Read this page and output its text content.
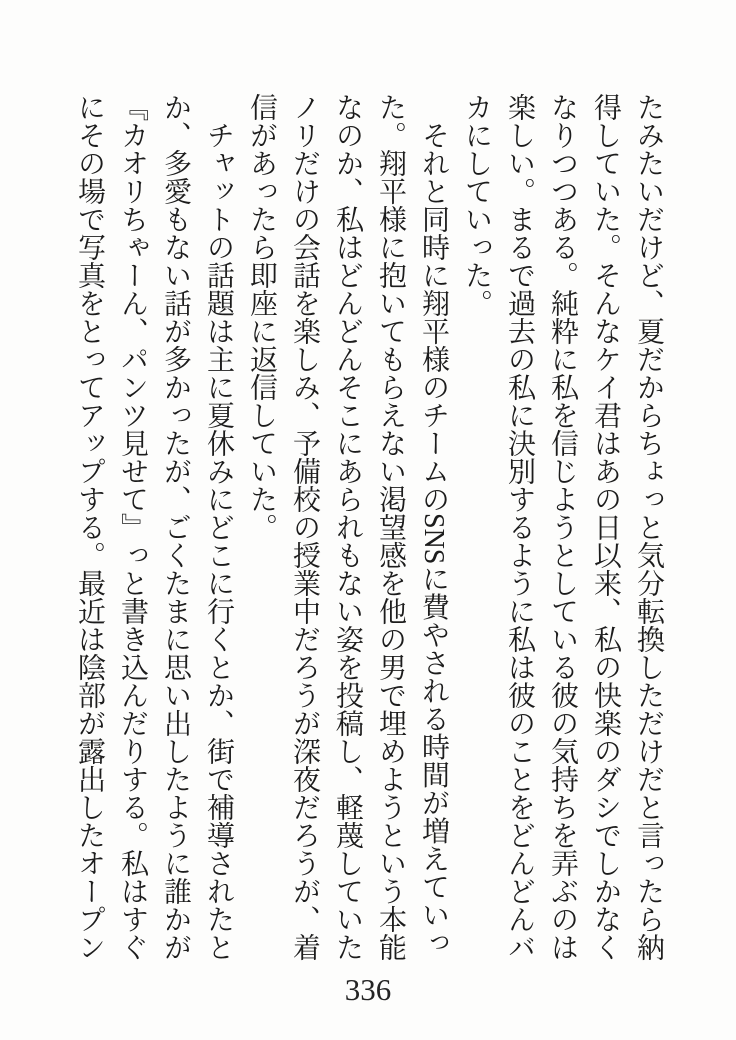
たみたいだけど、夏だからちょっと気分転換しただけだと言ったら納
得していた。そんなケイ君はあの日以来、私の快楽のダシでしかなく
なりつつある。純粋に私を信じようとしている彼の気持ちを弄ぶのは
楽しい。まるで過去の私に決別するように私は彼のことをどんどんバ
カにしていった。
　それと同時に翔平様のチームのSNSに費やされる時間が増えていっ
た。翔平様に抱いてもらえない渇望感を他の男で埋めようという本能
なのか、私はどんどんそこにあられもない姿を投稿し、軽蔑していた
ノリだけの会話を楽しみ、予備校の授業中だろうが深夜だろうが、着
信があったら即座に返信していた。
　チャットの話題は主に夏休みにどこに行くとか、街で補導されたと
か、多愛もない話が多かったが、ごくたまに思い出したように誰かが
『カオリちゃーん、パンツ見せて』っと書き込んだりする。私はすぐ
にその場で写真をとってアップする。最近は陰部が露出したオープン
336
